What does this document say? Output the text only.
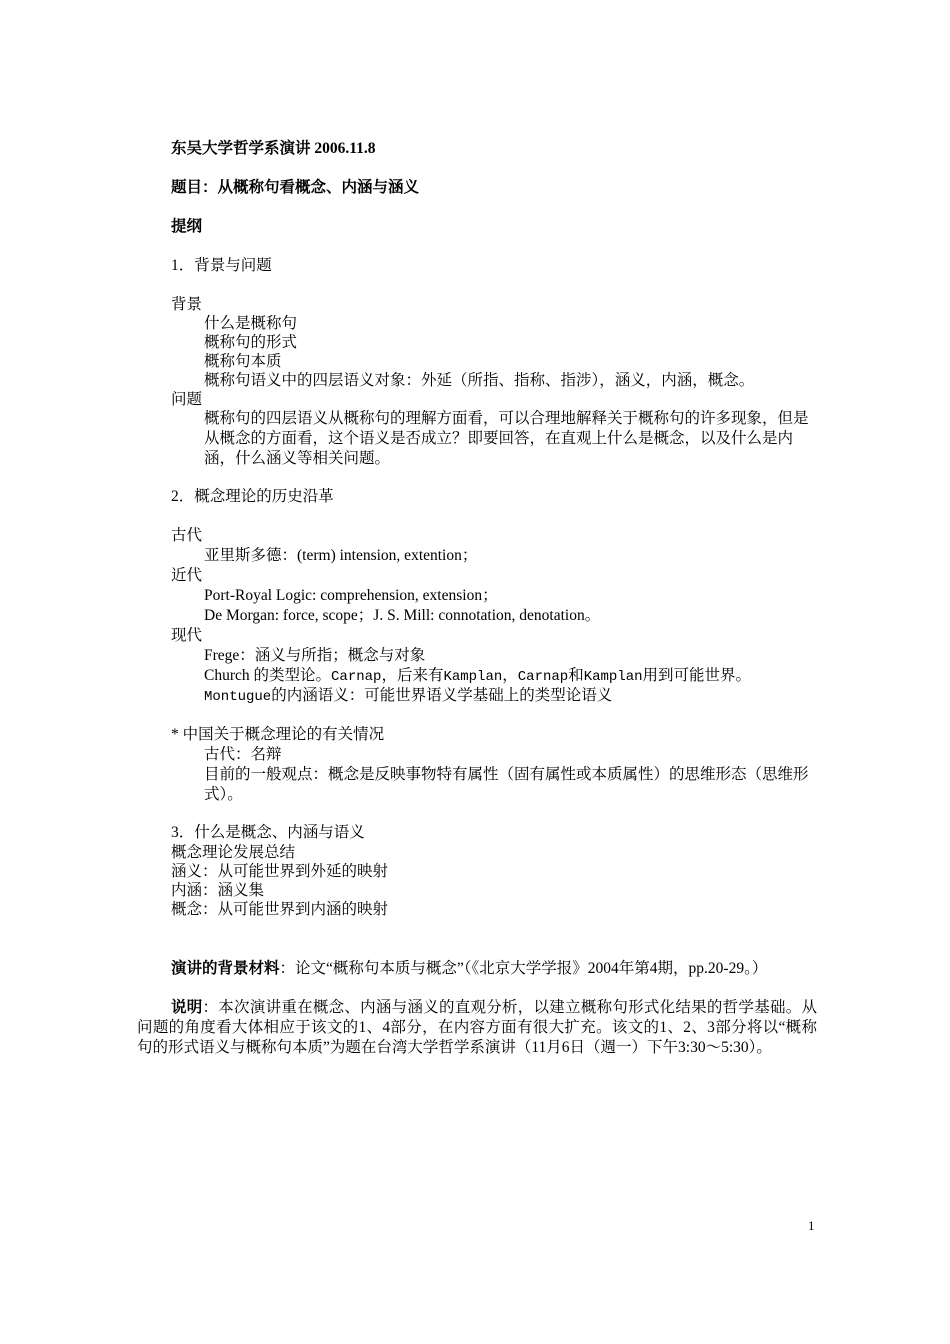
东吴大学哲学系演讲 2006.11.8
题目：从概称句看概念、内涵与涵义
提纲
1．背景与问题
背景
什么是概称句
概称句的形式
概称句本质
概称句语义中的四层语义对象：外延（所指、指称、指涉），涵义，内涵，概念。
问题
概称句的四层语义从概称句的理解方面看，可以合理地解释关于概称句的许多现象，但是从概念的方面看，这个语义是否成立？即要回答，在直观上什么是概念，以及什么是内涵，什么涵义等相关问题。
2．概念理论的历史沿革
古代
亚里斯多德：(term) intension, extention；
近代
Port-Royal Logic: comprehension, extension；
De Morgan: force, scope；J. S. Mill: connotation, denotation。
现代
Frege：涵义与所指；概念与对象
Church 的类型论。Carnap，后来有Kamplan，Carnap和Kamplan用到可能世界。
Montugue的内涵语义：可能世界语义学基础上的类型论语义
* 中国关于概念理论的有关情况
古代：名辩
目前的一般观点：概念是反映事物特有属性（固有属性或本质属性）的思维形态（思维形式）。
3．什么是概念、内涵与语义
概念理论发展总结
涵义：从可能世界到外延的映射
内涵：涵义集
概念：从可能世界到内涵的映射
演讲的背景材料：论文“概称句本质与概念”（《北京大学学报》2004年第4期，pp.20-29。）
说明：本次演讲重在概念、内涵与涵义的直观分析，以建立概称句形式化结果的哲学基础。从问题的角度看大体相应于该文的1、4部分，在内容方面有很大扩充。该文的1、2、3部分将以“概称句的形式语义与概称句本质”为题在台湾大学哲学系演讲（11月6日（週一）下午3:30～5:30）。
1
